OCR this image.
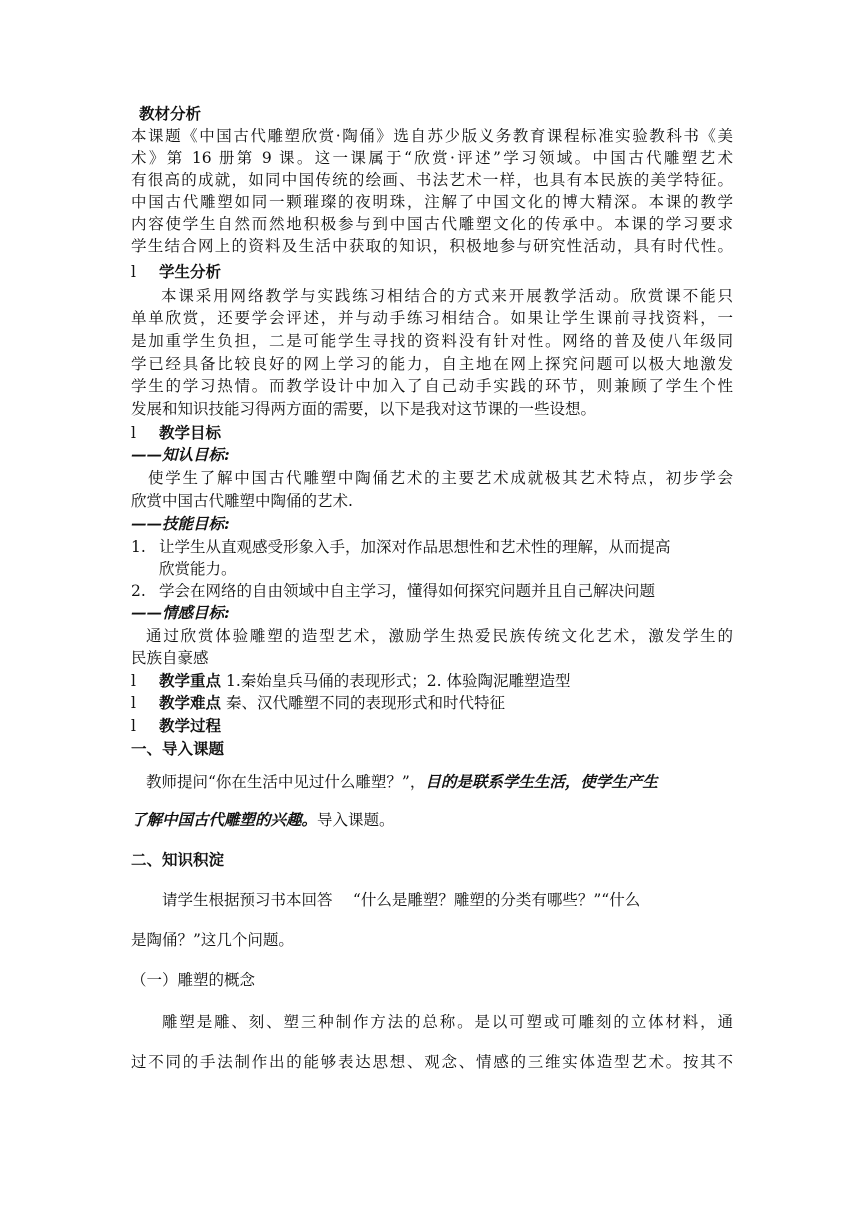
教材分析

本课题《中国古代雕塑欣赏·陶俑》选自苏少版义务教育课程标准实验教科书《美

术》第 16 册第 9 课。这一课属于“欣赏·评述”学习领域。中国古代雕塑艺术

有很高的成就，如同中国传统的绘画、书法艺术一样，也具有本民族的美学特征。

中国古代雕塑如同一颗璀璨的夜明珠，注解了中国文化的博大精深。本课的教学

内容使学生自然而然地积极参与到中国古代雕塑文化的传承中。本课的学习要求

学生结合网上的资料及生活中获取的知识，积极地参与研究性活动，具有时代性。

l 学生分析

本课采用网络教学与实践练习相结合的方式来开展教学活动。欣赏课不能只

单单欣赏，还要学会评述，并与动手练习相结合。如果让学生课前寻找资料，一

是加重学生负担，二是可能学生寻找的资料没有针对性。网络的普及使八年级同

学已经具备比较良好的网上学习的能力，自主地在网上探究问题可以极大地激发

学生的学习热情。而教学设计中加入了自己动手实践的环节，则兼顾了学生个性

发展和知识技能习得两方面的需要，以下是我对这节课的一些设想。

l 教学目标

——知认目标:

使学生了解中国古代雕塑中陶俑艺术的主要艺术成就极其艺术特点，初步学会

欣赏中国古代雕塑中陶俑的艺术.

——技能目标:

1. 让学生从直观感受形象入手，加深对作品思想性和艺术性的理解，从而提高

欣赏能力。

2. 学会在网络的自由领域中自主学习，懂得如何探究问题并且自己解决问题

——情感目标:

通过欣赏体验雕塑的造型艺术，激励学生热爱民族传统文化艺术，激发学生的

民族自豪感

l 教学重点 1.秦始皇兵马俑的表现形式；2. 体验陶泥雕塑造型

l 教学难点 秦、汉代雕塑不同的表现形式和时代特征

l 教学过程

一、导入课题

教师提问“你在生活中见过什么雕塑？”，目的是联系学生生活，使学生产生

了解中国古代雕塑的兴趣。导入课题。

二、知识积淀

请学生根据预习书本回答　 “什么是雕塑？雕塑的分类有哪些？”“什么

是陶俑？”这几个问题。

（一）雕塑的概念

雕塑是雕、刻、塑三种制作方法的总称。是以可塑或可雕刻的立体材料，通

过不同的手法制作出的能够表达思想、观念、情感的三维实体造型艺术。按其不
